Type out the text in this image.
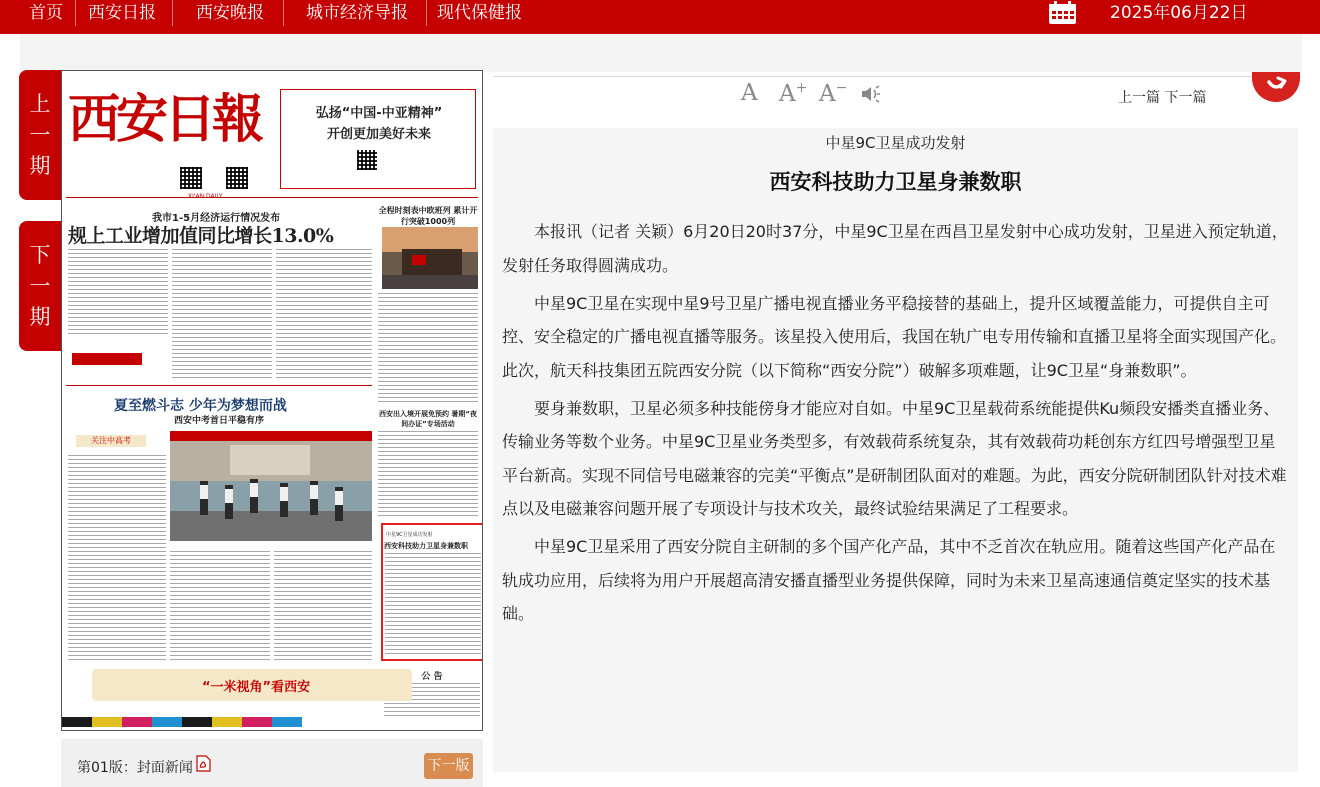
首页 西安日报 西安晚报 城市经济导报 现代保健报	2025年06月22日
上
一
期
下
一
期
西安日報	弘扬“中国-中亚精神”
开创更加美好未来
我市1-5月经济运行情况发布
规上工业增加值同比增长13.0%
全程时刻表中欧班列 累计开行突破1000列
西安出入境开展免预约 暑期“夜间办证”专场活动
夏至燃斗志 少年为梦想而战
西安中考首日平稳有序
关注中高考
中星9C卫星成功发射
西安科技助力卫星身兼数职
公 告
“一米视角”看西安
第01版：封面新闻	下一版
A A+ A−
上一篇 下一篇
中星9C卫星成功发射
西安科技助力卫星身兼数职

本报讯（记者 关颖）6月20日20时37分，中星9C卫星在西昌卫星发射中心成功发射，卫星进入预定轨道，发射任务取得圆满成功。

中星9C卫星在实现中星9号卫星广播电视直播业务平稳接替的基础上，提升区域覆盖能力，可提供自主可控、安全稳定的广播电视直播等服务。该星投入使用后，我国在轨广电专用传输和直播卫星将全面实现国产化。此次，航天科技集团五院西安分院（以下简称“西安分院”）破解多项难题，让9C卫星“身兼数职”。

要身兼数职，卫星必须多种技能傍身才能应对自如。中星9C卫星载荷系统能提供Ku频段安播类直播业务、传输业务等数个业务。中星9C卫星业务类型多，有效载荷系统复杂，其有效载荷功耗创东方红四号增强型卫星平台新高。实现不同信号电磁兼容的完美“平衡点”是研制团队面对的难题。为此，西安分院研制团队针对技术难点以及电磁兼容问题开展了专项设计与技术攻关，最终试验结果满足了工程要求。

中星9C卫星采用了西安分院自主研制的多个国产化产品，其中不乏首次在轨应用。随着这些国产化产品在轨成功应用，后续将为用户开展超高清安播直播型业务提供保障，同时为未来卫星高速通信奠定坚实的技术基础。
